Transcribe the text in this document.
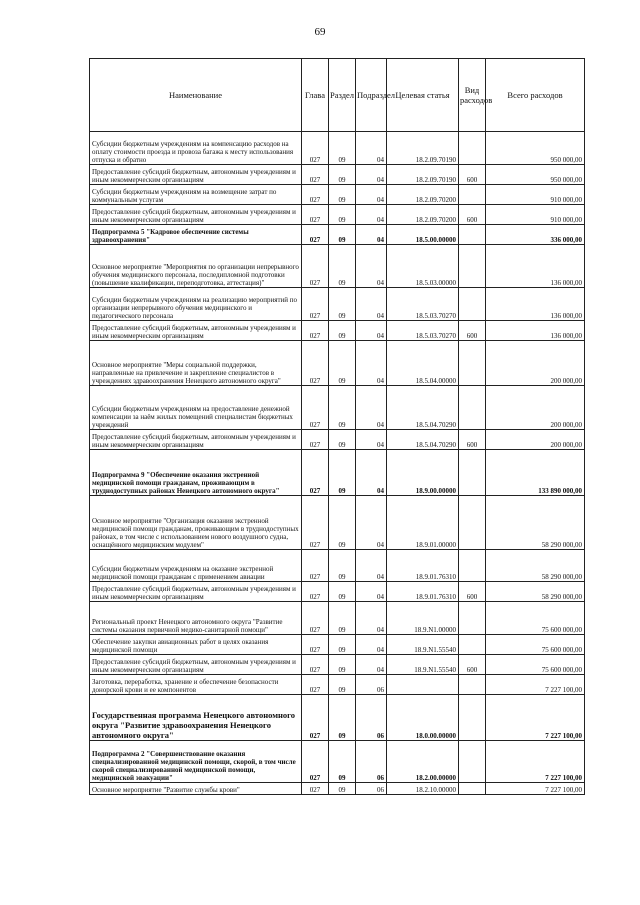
69
Наименование	Глава	Раздел	Подраздел	Целевая статья	Вид расходов	Всего расходов
Субсидии бюджетным учреждениям на компенсацию расходов на оплату стоимости проезда и провоза багажа к месту использования отпуска и обратно	027	09	04	18.2.09.70190		950 000,00
Предоставление субсидий бюджетным, автономным учреждениям и иным некоммерческим организациям	027	09	04	18.2.09.70190	600	950 000,00
Субсидии бюджетным учреждениям на возмещение затрат по коммунальным услугам	027	09	04	18.2.09.70200		910 000,00
Предоставление субсидий бюджетным, автономным учреждениям и иным некоммерческим организациям	027	09	04	18.2.09.70200	600	910 000,00
Подпрограмма 5 "Кадровое обеспечение системы здравоохранения"	027	09	04	18.5.00.00000		336 000,00
Основное мероприятие "Мероприятия по организации непрерывного обучения медицинского персонала, последипломной подготовки (повышение квалификации, переподготовка, аттестация)"	027	09	04	18.5.03.00000		136 000,00
Субсидии бюджетным учреждениям на реализацию мероприятий по организации непрерывного обучения медицинского и педагогического персонала	027	09	04	18.5.03.70270		136 000,00
Предоставление субсидий бюджетным, автономным учреждениям и иным некоммерческим организациям	027	09	04	18.5.03.70270	600	136 000,00
Основное мероприятие "Меры социальной поддержки, направленные на привлечение и закрепление специалистов в учреждениях здравоохранения Ненецкого автономного округа"	027	09	04	18.5.04.00000		200 000,00
Субсидии бюджетным учреждениям на предоставление денежной компенсации за наём жилых помещений специалистам бюджетных учреждений	027	09	04	18.5.04.70290		200 000,00
Предоставление субсидий бюджетным, автономным учреждениям и иным некоммерческим организациям	027	09	04	18.5.04.70290	600	200 000,00
Подпрограмма 9 "Обеспечение оказания экстренной медицинской помощи гражданам, проживающим в труднодоступных районах Ненецкого автономного округа"	027	09	04	18.9.00.00000		133 890 000,00
Основное мероприятие "Организация оказания экстренной медицинской помощи гражданам, проживающим в труднодоступных районах, в том числе с использованием нового воздушного судна, оснащённого медицинским модулем"	027	09	04	18.9.01.00000		58 290 000,00
Субсидии бюджетным учреждениям на оказание экстренной медицинской помощи гражданам с применением авиации	027	09	04	18.9.01.76310		58 290 000,00
Предоставление субсидий бюджетным, автономным учреждениям и иным некоммерческим организациям	027	09	04	18.9.01.76310	600	58 290 000,00
Региональный проект Ненецкого автономного округа "Развитие системы оказания первичной медико-санитарной помощи"	027	09	04	18.9.N1.00000		75 600 000,00
Обеспечение закупки авиационных работ в целях оказания медицинской помощи	027	09	04	18.9.N1.55540		75 600 000,00
Предоставление субсидий бюджетным, автономным учреждениям и иным некоммерческим организациям	027	09	04	18.9.N1.55540	600	75 600 000,00
Заготовка, переработка, хранение и обеспечение безопасности донорской крови и ее компонентов	027	09	06			7 227 100,00
Государственная программа Ненецкого автономного округа "Развитие здравоохранения Ненецкого автономного округа"	027	09	06	18.0.00.00000		7 227 100,00
Подпрограмма 2 "Совершенствование оказания специализированной медицинской помощи, скорой, в том числе скорой специализированной медицинской помощи, медицинской эвакуации"	027	09	06	18.2.00.00000		7 227 100,00
Основное мероприятие "Развитие службы крови"	027	09	06	18.2.10.00000		7 227 100,00
